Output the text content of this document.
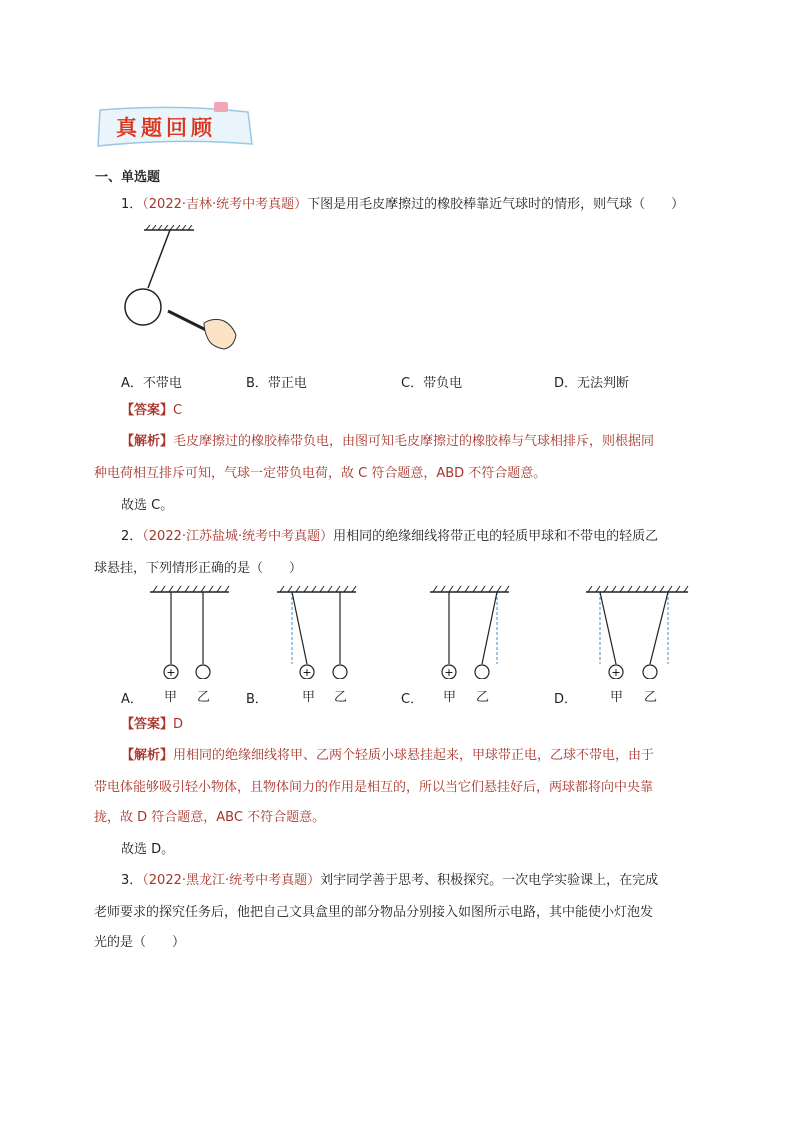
真题回顾
一、单选题
1．（2022·吉林·统考中考真题）下图是用毛皮摩擦过的橡胶棒靠近气球时的情形，则气球（　　）
A．不带电	B．带正电	C．带负电	D．无法判断
【答案】C
【解析】毛皮摩擦过的橡胶棒带负电，由图可知毛皮摩擦过的橡胶棒与气球相排斥，则根据同
种电荷相互排斥可知，气球一定带负电荷，故 C 符合题意，ABD 不符合题意。
故选 C。
2．（2022·江苏盐城·统考中考真题）用相同的绝缘细线将带正电的轻质甲球和不带电的轻质乙
球悬挂，下列情形正确的是（　　）
+	+	+	+
A． 甲 乙	B．	甲 乙	C． 甲 乙	D．	甲 乙
【答案】D
【解析】用相同的绝缘细线将甲、乙两个轻质小球悬挂起来，甲球带正电，乙球不带电，由于
带电体能够吸引轻小物体，且物体间力的作用是相互的，所以当它们悬挂好后，两球都将向中央靠
拢，故 D 符合题意，ABC 不符合题意。
故选 D。
3．（2022·黑龙江·统考中考真题）刘宇同学善于思考、积极探究。一次电学实验课上，在完成
老师要求的探究任务后，他把自己文具盒里的部分物品分别接入如图所示电路，其中能使小灯泡发
光的是（　　）
